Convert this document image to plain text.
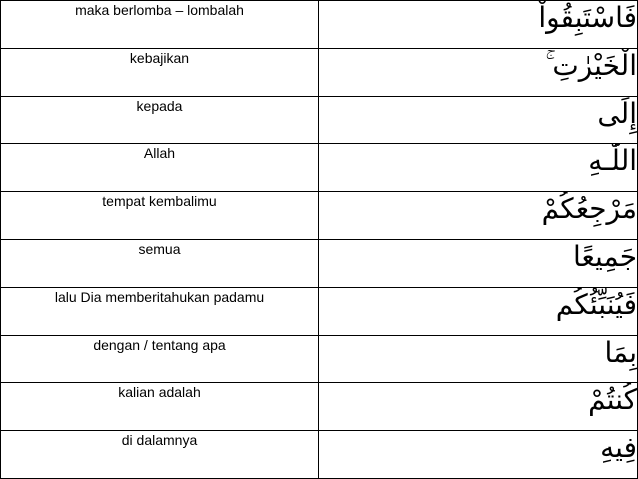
maka berlomba – lombalah	فَاسْتَبِقُواْ
kebajikan	الْخَيْرٰتِ ۚ
kepada	إِلَى
Allah	اللّٰـهِ
tempat kembalimu	مَرْجِعُكُمْ
semua	جَمِيعًا
lalu Dia memberitahukan padamu	فَيُنَبِّئُكُم
dengan / tentang apa	بِمَا
kalian adalah	كُنتُمْ
di dalamnya	فِيهِ
